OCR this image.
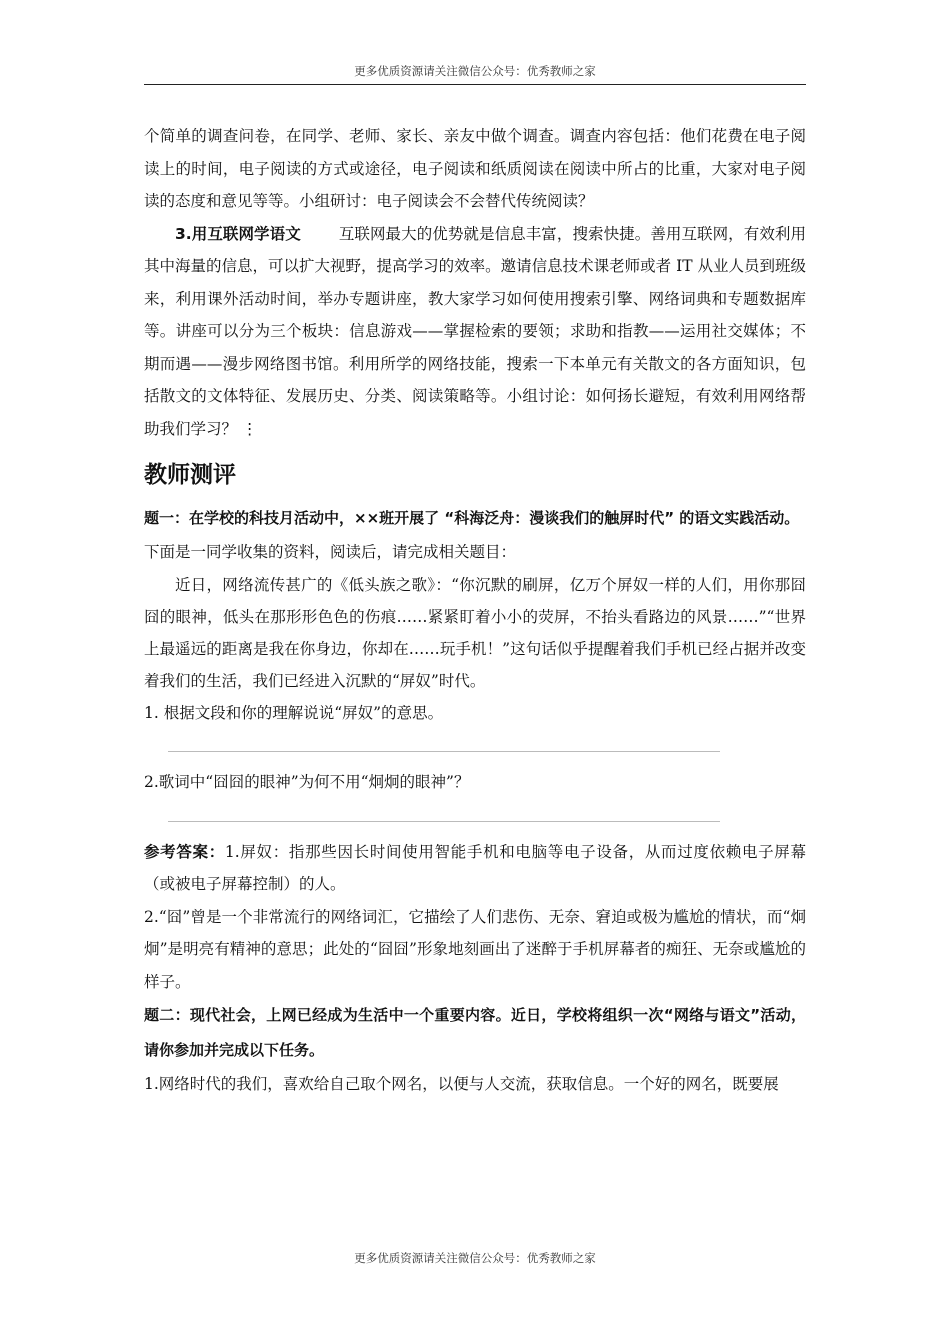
更多优质资源请关注微信公众号：优秀教师之家

个简单的调查问卷，在同学、老师、家长、亲友中做个调查。调查内容包括：他们花费在电子阅读上的时间，电子阅读的方式或途径，电子阅读和纸质阅读在阅读中所占的比重，大家对电子阅读的态度和意见等等。小组研讨：电子阅读会不会替代传统阅读？

3.用互联网学语文 互联网最大的优势就是信息丰富，搜索快捷。善用互联网，有效利用其中海量的信息，可以扩大视野，提高学习的效率。邀请信息技术课老师或者 IT 从业人员到班级来，利用课外活动时间，举办专题讲座，教大家学习如何使用搜索引擎、网络词典和专题数据库等。讲座可以分为三个板块：信息游戏——掌握检索的要领；求助和指教——运用社交媒体；不期而遇——漫步网络图书馆。利用所学的网络技能，搜索一下本单元有关散文的各方面知识，包括散文的文体特征、发展历史、分类、阅读策略等。小组讨论：如何扬长避短，有效利用网络帮助我们学习？ ⋮

教师测评

题一：在学校的科技月活动中，××班开展了 “科海泛舟：漫谈我们的触屏时代” 的语文实践活动。

下面是一同学收集的资料，阅读后，请完成相关题目：

近日，网络流传甚广的《低头族之歌》：“你沉默的刷屏，亿万个屏奴一样的人们，用你那囧囧的眼神，低头在那形形色色的伤痕……紧紧盯着小小的荧屏，不抬头看路边的风景……”“世界上最遥远的距离是我在你身边，你却在……玩手机！”这句话似乎提醒着我们手机已经占据并改变着我们的生活，我们已经进入沉默的“屏奴”时代。

1. 根据文段和你的理解说说“屏奴”的意思。

2.歌词中“囧囧的眼神”为何不用“炯炯的眼神”？

参考答案：1.屏奴：指那些因长时间使用智能手机和电脑等电子设备，从而过度依赖电子屏幕（或被电子屏幕控制）的人。

2.“囧”曾是一个非常流行的网络词汇，它描绘了人们悲伤、无奈、窘迫或极为尴尬的情状，而“炯炯”是明亮有精神的意思；此处的“囧囧”形象地刻画出了迷醉于手机屏幕者的痴狂、无奈或尴尬的样子。

题二：现代社会，上网已经成为生活中一个重要内容。近日，学校将组织一次“网络与语文”活动，请你参加并完成以下任务。

1.网络时代的我们，喜欢给自己取个网名，以便与人交流，获取信息。一个好的网名，既要展

更多优质资源请关注微信公众号：优秀教师之家
